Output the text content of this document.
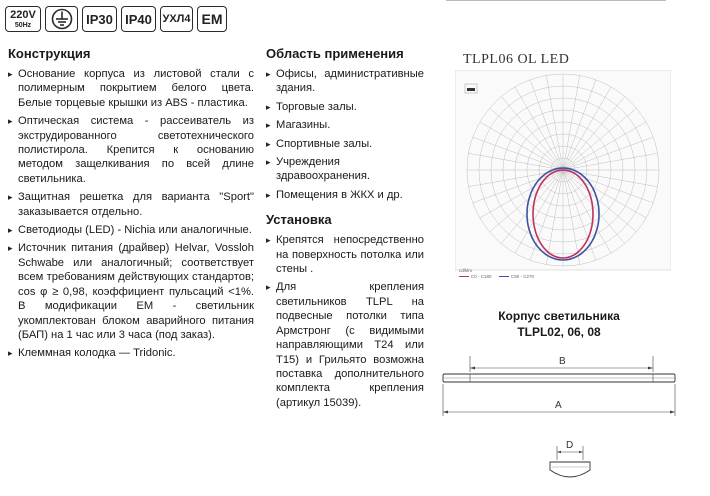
220V
50Hz	IP30 IP40 УХЛ4 EM
Конструкция
▸ Основание корпуса из листовой стали с полимерным покрытием белого цвета. Белые торцевые крышки из ABS - пластика.
▸ Оптическая система - рассеиватель из экструдированного светотехнического полистирола. Крепится к основанию методом защелкивания по всей длине светильника.
▸ Защитная решетка для варианта "Sport" заказывается отдельно.
▸ Светодиоды (LED) - Nichia или аналогичные.
▸ Источник питания (драйвер) Helvar, Vossloh Schwabe или аналогичный; соответствует всем требованиям действующих стандартов; cos φ ≥ 0,98, коэффициент пульсаций <1%. В модификации EM - светильник укомплектован блоком аварийного питания (БАП) на 1 час или 3 часа (под заказ).
▸ Клеммная колодка — Tridonic.
Область применения
▸ Офисы, административные здания.
▸ Торговые залы.
▸ Магазины.
▸ Спортивные залы.
▸ Учреждения здравоохранения.
▸ Помещения в ЖКХ и др.
Установка
▸ Крепятся непосредственно на поверхность потолка или стены .
▸ Для крепления светильников TLPL на подвесные потолки типа Армстронг (с видимыми направляющими Т24 или Т15) и Грильято возможна поставка дополнительного комплекта крепления (артикул 15039).
TLPL06 OL LED
cd/klm
C0 - C180	C90 - C270
Корпус светильника
TLPL02, 06, 08
B
A
D
